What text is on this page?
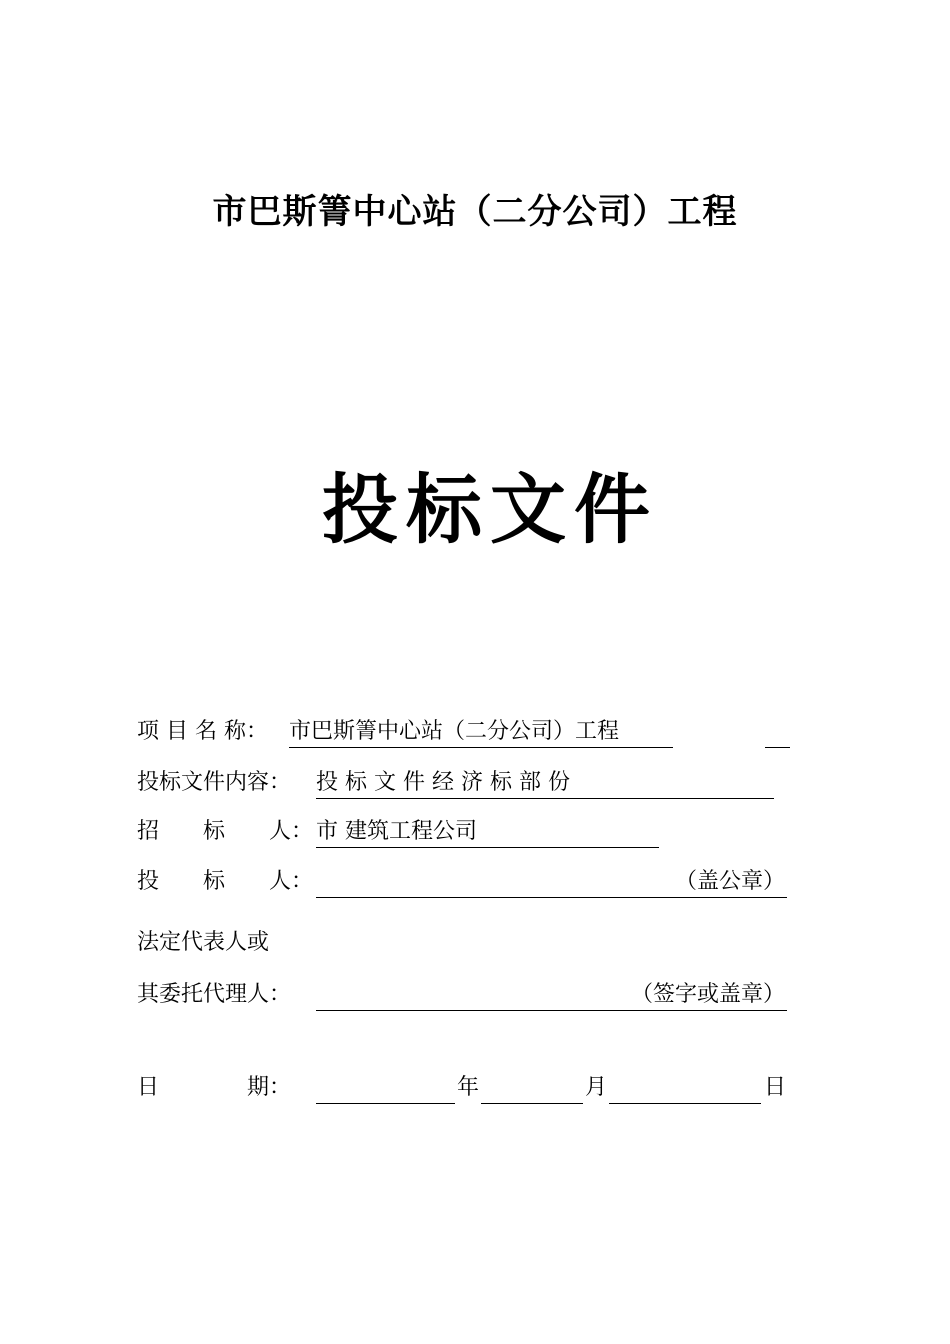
市巴斯箐中心站（二分公司）工程
投标文件
项 目 名 称： 市巴斯箐中心站（二分公司）工程
投标文件内容： 投 标 文 件 经 济 标 部 份
招　　标　　人： 市 建筑工程公司
投　　标　　人：	（盖公章）
法定代表人或
其委托代理人：	（签字或盖章）
日　　　　期：	年	月	日
